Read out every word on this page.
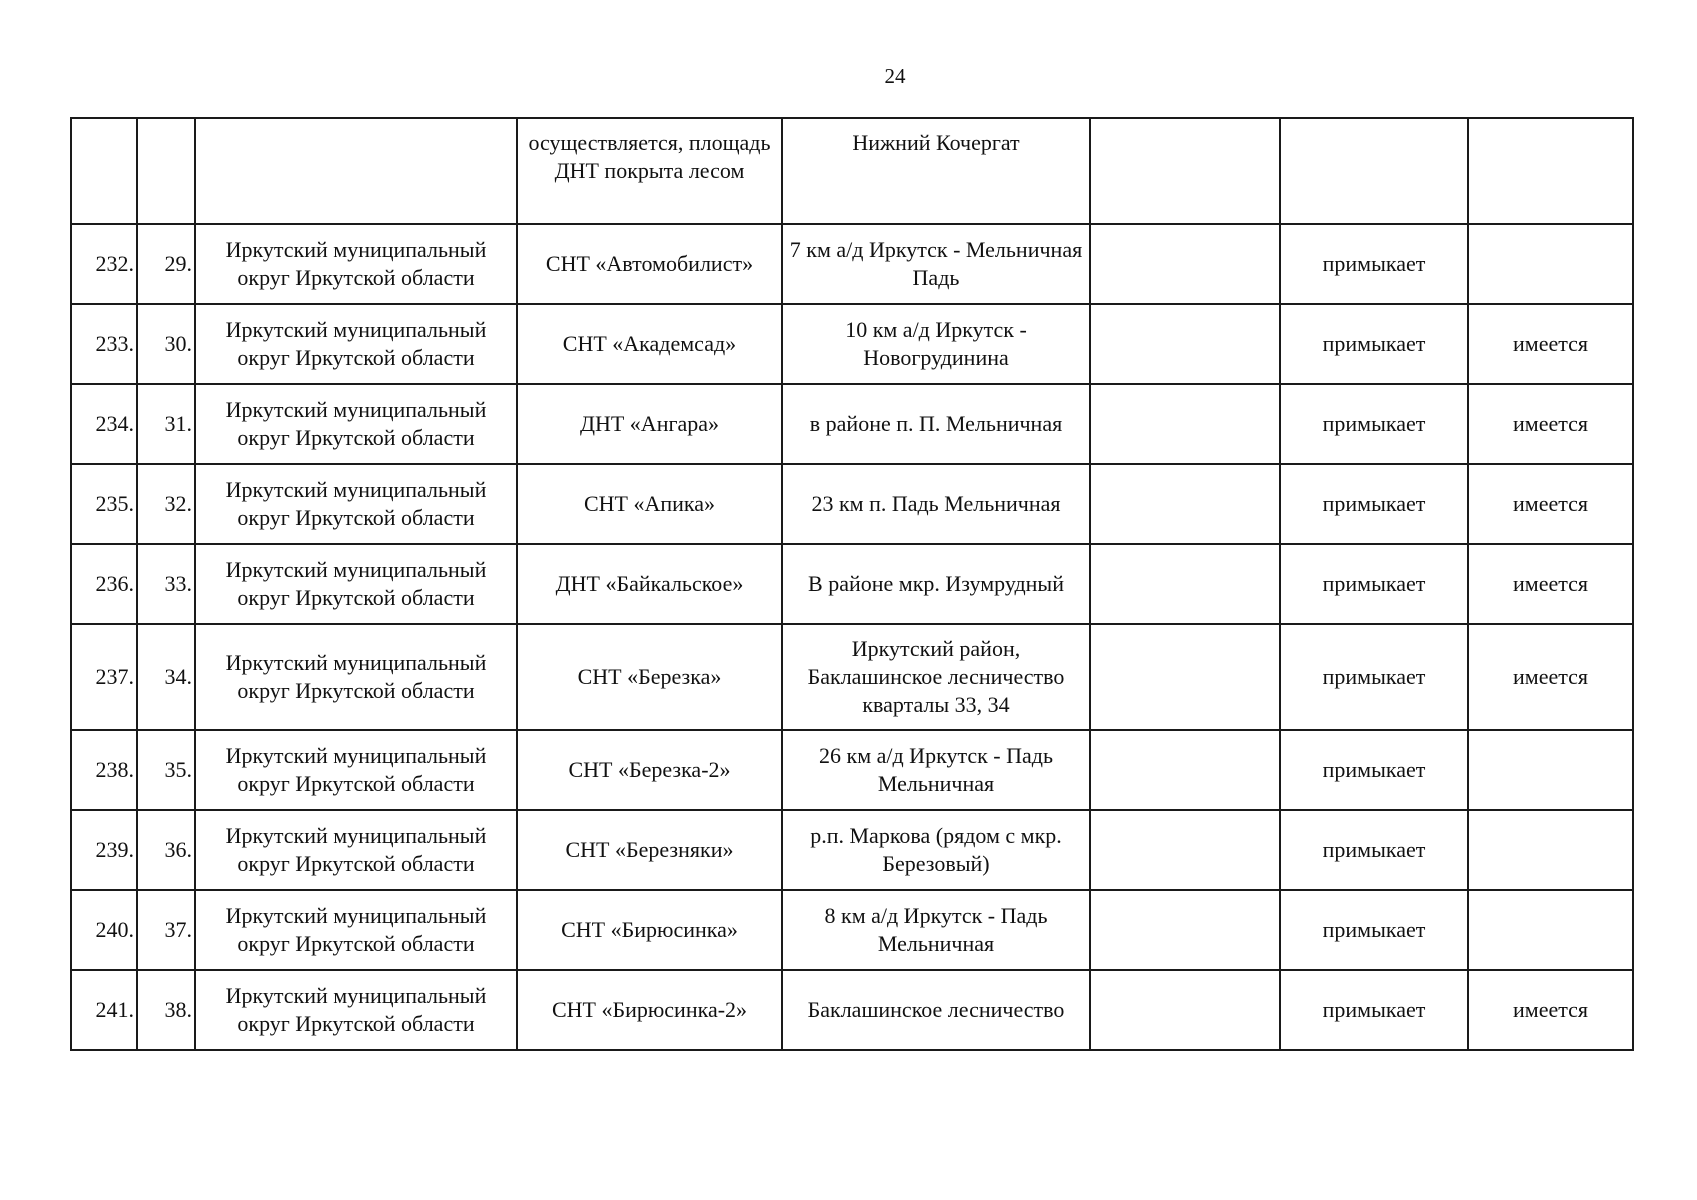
24
			осуществляется, площадь ДНТ покрыта лесом	Нижний Кочергат			
232.	29.	Иркутский муниципальный округ Иркутской области	СНТ «Автомобилист»	7 км а/д Иркутск - Мельничная Падь		примыкает	
233.	30.	Иркутский муниципальный округ Иркутской области	СНТ «Академсад»	10 км а/д Иркутск - Новогрудинина		примыкает	имеется
234.	31.	Иркутский муниципальный округ Иркутской области	ДНТ «Ангара»	в районе п. П. Мельничная		примыкает	имеется
235.	32.	Иркутский муниципальный округ Иркутской области	СНТ «Апика»	23 км п. Падь Мельничная		примыкает	имеется
236.	33.	Иркутский муниципальный округ Иркутской области	ДНТ «Байкальское»	В районе мкр. Изумрудный		примыкает	имеется
237.	34.	Иркутский муниципальный округ Иркутской области	СНТ «Березка»	Иркутский район, Баклашинское лесничество кварталы 33, 34		примыкает	имеется
238.	35.	Иркутский муниципальный округ Иркутской области	СНТ «Березка-2»	26 км а/д Иркутск - Падь Мельничная		примыкает	
239.	36.	Иркутский муниципальный округ Иркутской области	СНТ «Березняки»	р.п. Маркова (рядом с мкр. Березовый)		примыкает	
240.	37.	Иркутский муниципальный округ Иркутской области	СНТ «Бирюсинка»	8 км а/д Иркутск - Падь Мельничная		примыкает	
241.	38.	Иркутский муниципальный округ Иркутской области	СНТ «Бирюсинка-2»	Баклашинское лесничество		примыкает	имеется
